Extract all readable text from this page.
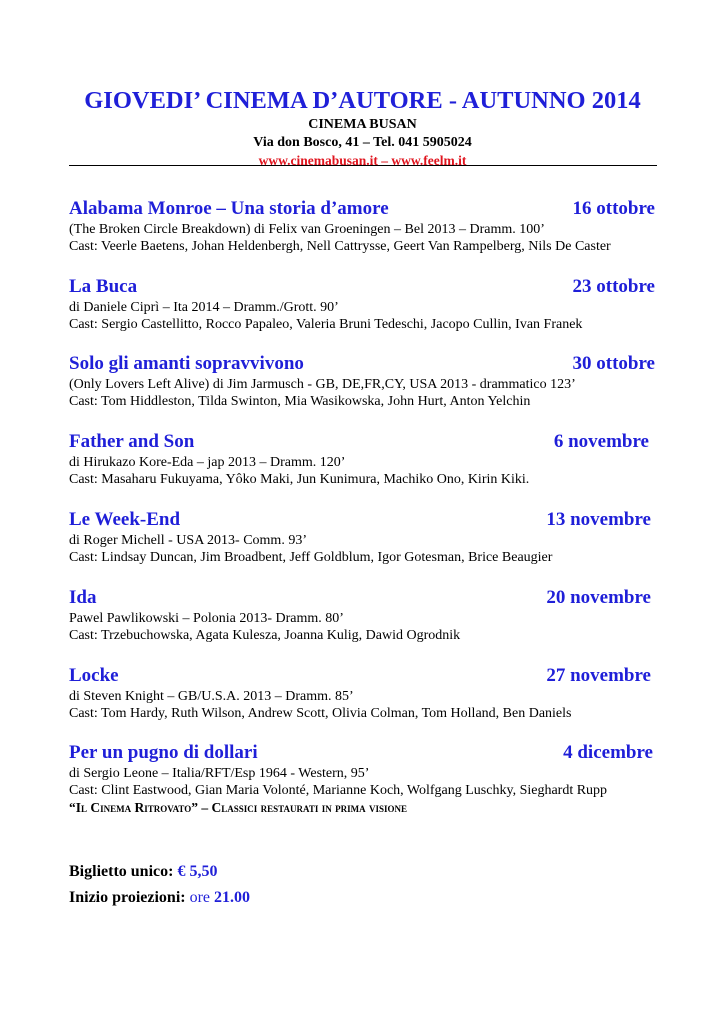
GIOVEDI’ CINEMA D’AUTORE - AUTUNNO 2014
CINEMA BUSAN
Via don Bosco, 41 – Tel. 041 5905024
www.cinemabusan.it – www.feelm.it
Alabama Monroe – Una storia d’amore	16 ottobre
(The Broken Circle Breakdown) di Felix van Groeningen – Bel 2013 – Dramm. 100’
Cast: Veerle Baetens, Johan Heldenbergh, Nell Cattrysse, Geert Van Rampelberg, Nils De Caster
La Buca	23 ottobre
di Daniele Ciprì – Ita 2014 – Dramm./Grott. 90’
Cast: Sergio Castellitto, Rocco Papaleo, Valeria Bruni Tedeschi, Jacopo Cullin, Ivan Franek
Solo gli amanti sopravvivono	30 ottobre
(Only Lovers Left Alive) di Jim Jarmusch - GB, DE,FR,CY, USA 2013 - drammatico 123’
Cast: Tom Hiddleston, Tilda Swinton, Mia Wasikowska, John Hurt, Anton Yelchin
Father and Son	6 novembre
di Hirukazo Kore-Eda – jap 2013 – Dramm. 120’
Cast: Masaharu Fukuyama, Yôko Maki, Jun Kunimura, Machiko Ono, Kirin Kiki.
Le Week-End	13 novembre
di Roger Michell - USA 2013- Comm. 93’
Cast: Lindsay Duncan, Jim Broadbent, Jeff Goldblum, Igor Gotesman, Brice Beaugier
Ida	20 novembre
Pawel Pawlikowski – Polonia 2013- Dramm. 80’
Cast: Trzebuchowska, Agata Kulesza, Joanna Kulig, Dawid Ogrodnik
Locke	27 novembre
di Steven Knight – GB/U.S.A. 2013 – Dramm. 85’
Cast: Tom Hardy, Ruth Wilson, Andrew Scott, Olivia Colman, Tom Holland, Ben Daniels
Per un pugno di dollari	4 dicembre
di Sergio Leone – Italia/RFT/Esp 1964 - Western, 95’
Cast: Clint Eastwood, Gian Maria Volonté, Marianne Koch, Wolfgang Luschky, Sieghardt Rupp
“Il Cinema Ritrovato” – Classici restaurati in prima visione
Biglietto unico: € 5,50
Inizio proiezioni: ore 21.00
